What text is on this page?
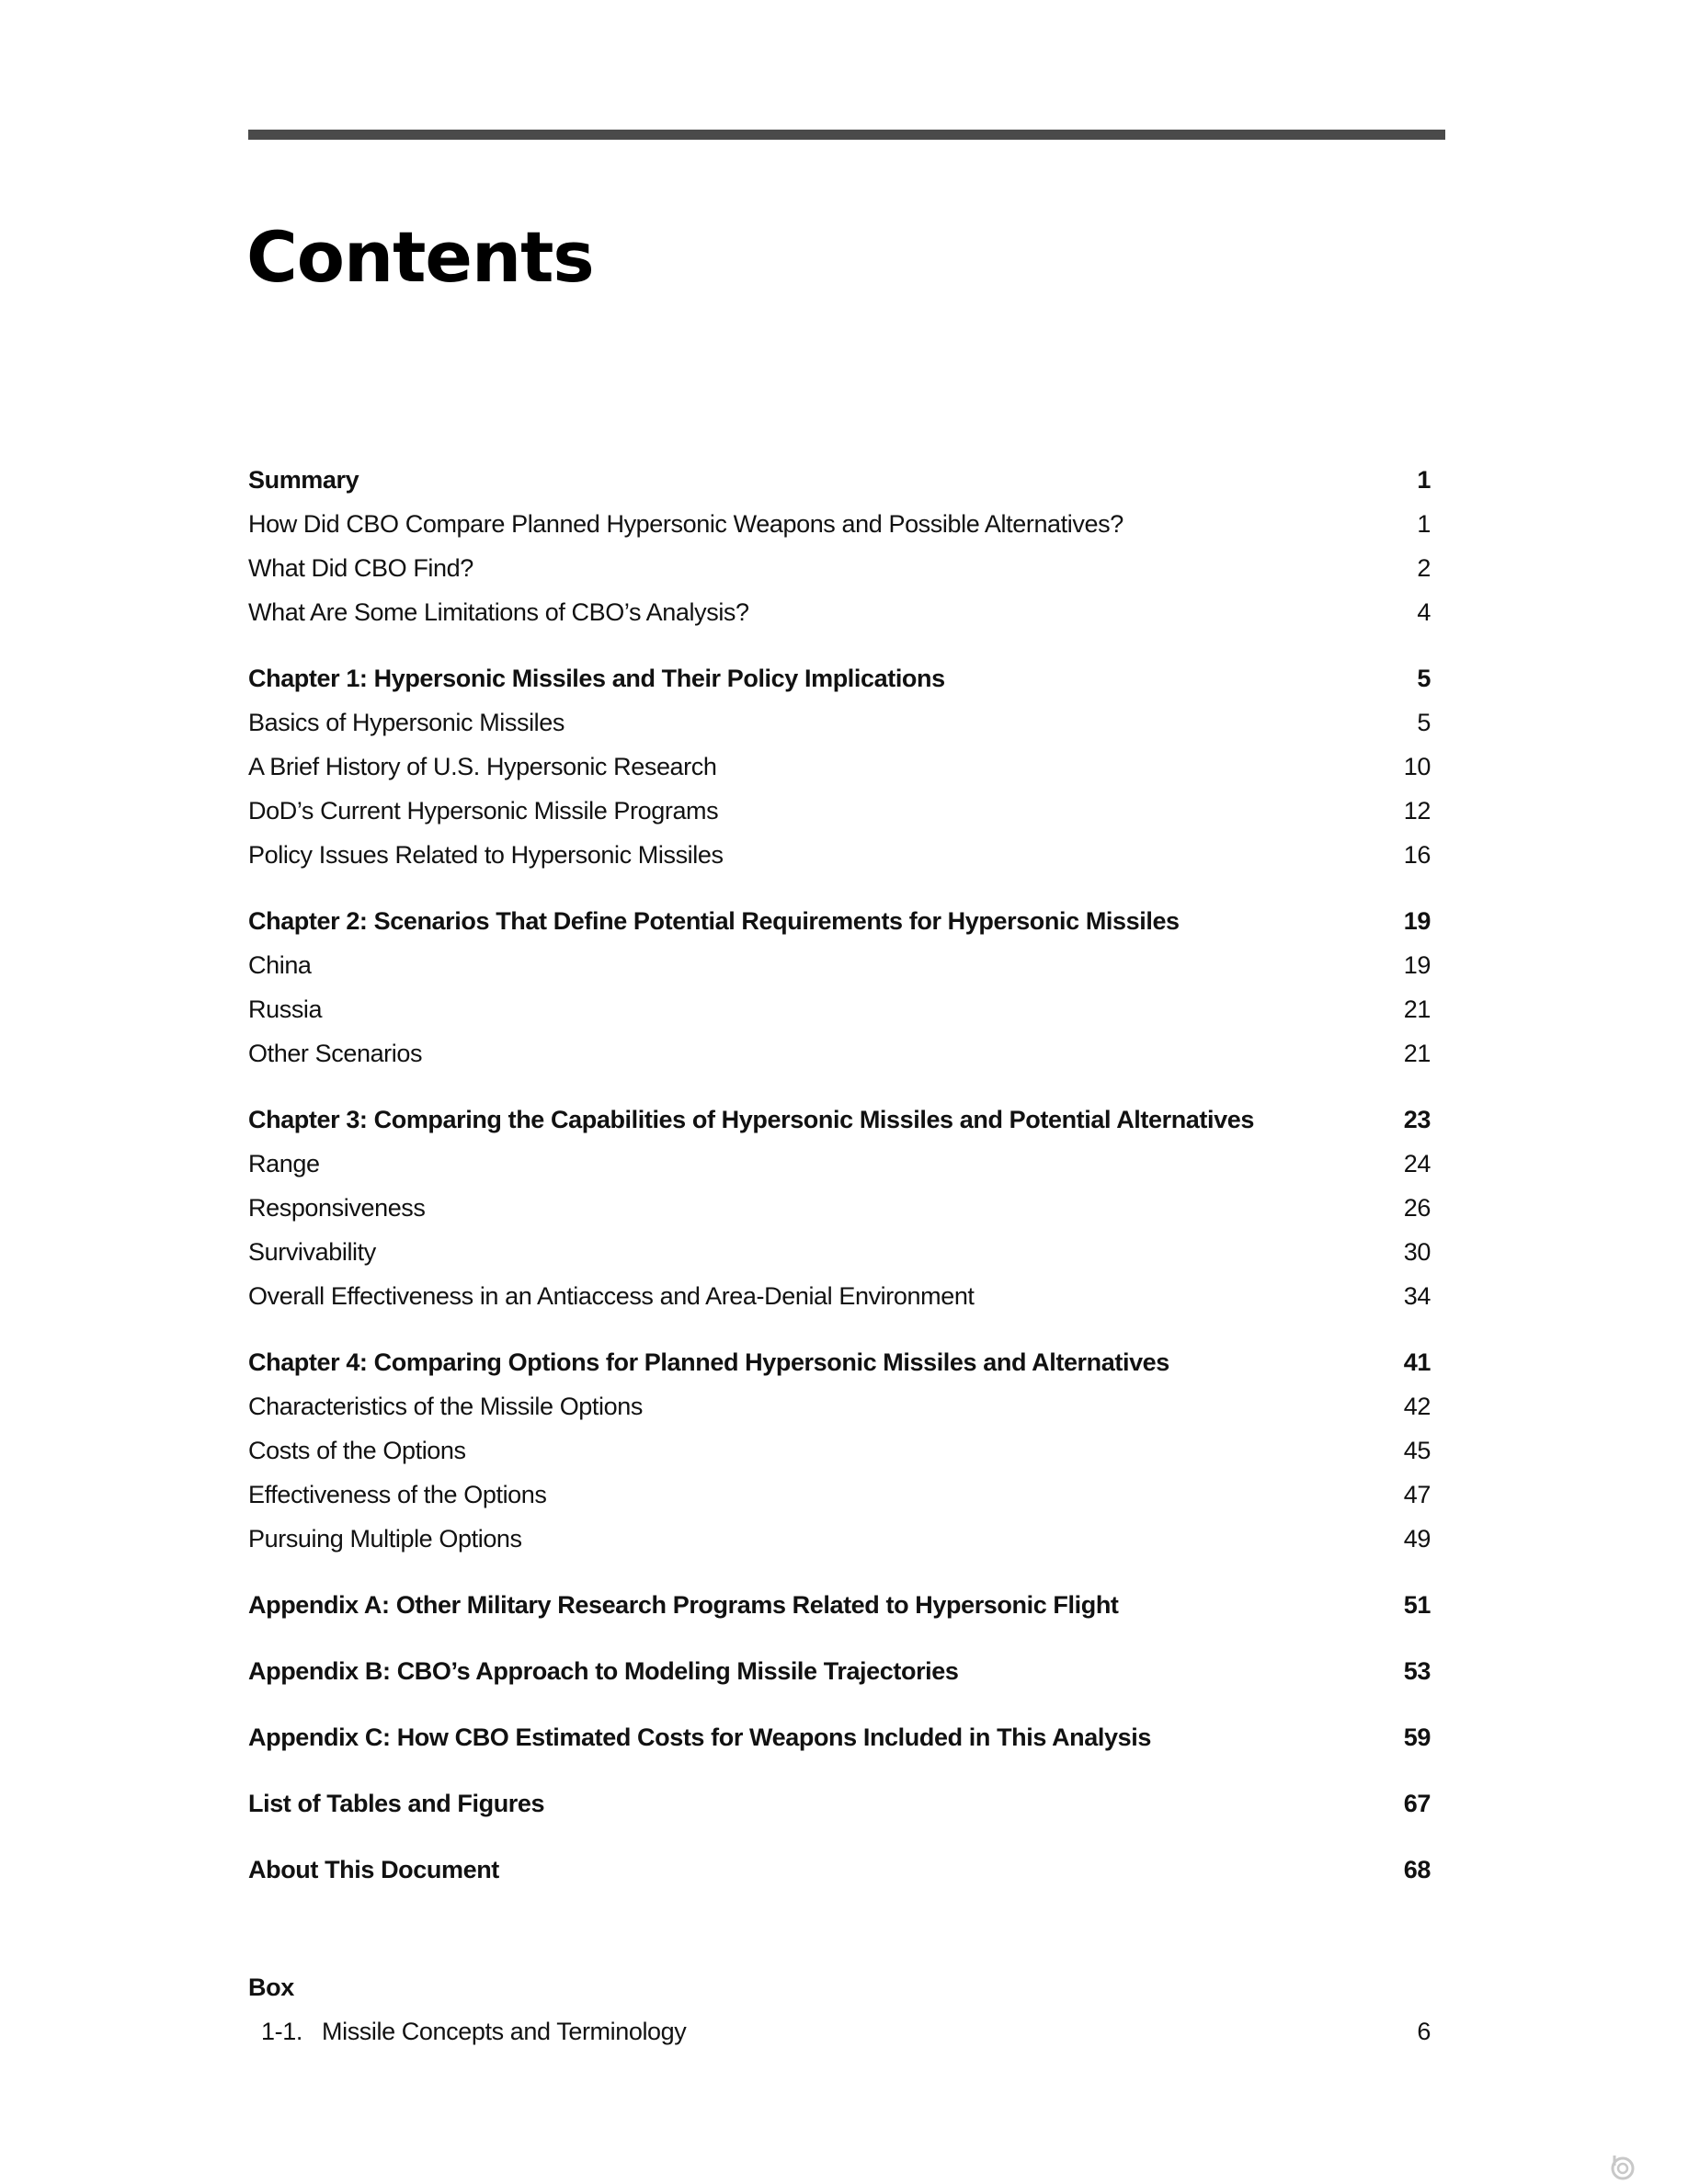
Contents
Summary	1
How Did CBO Compare Planned Hypersonic Weapons and Possible Alternatives?	1
What Did CBO Find?	2
What Are Some Limitations of CBO’s Analysis?	4
Chapter 1: Hypersonic Missiles and Their Policy Implications	5
Basics of Hypersonic Missiles	5
A Brief History of U.S. Hypersonic Research	10
DoD’s Current Hypersonic Missile Programs	12
Policy Issues Related to Hypersonic Missiles	16
Chapter 2: Scenarios That Define Potential Requirements for Hypersonic Missiles	19
China	19
Russia	21
Other Scenarios	21
Chapter 3: Comparing the Capabilities of Hypersonic Missiles and Potential Alternatives	23
Range	24
Responsiveness	26
Survivability	30
Overall Effectiveness in an Antiaccess and Area-Denial Environment	34
Chapter 4: Comparing Options for Planned Hypersonic Missiles and Alternatives	41
Characteristics of the Missile Options	42
Costs of the Options	45
Effectiveness of the Options	47
Pursuing Multiple Options	49
Appendix A: Other Military Research Programs Related to Hypersonic Flight	51
Appendix B: CBO’s Approach to Modeling Missile Trajectories	53
Appendix C: How CBO Estimated Costs for Weapons Included in This Analysis	59
List of Tables and Figures	67
About This Document	68
Box
1-1. Missile Concepts and Terminology	6
